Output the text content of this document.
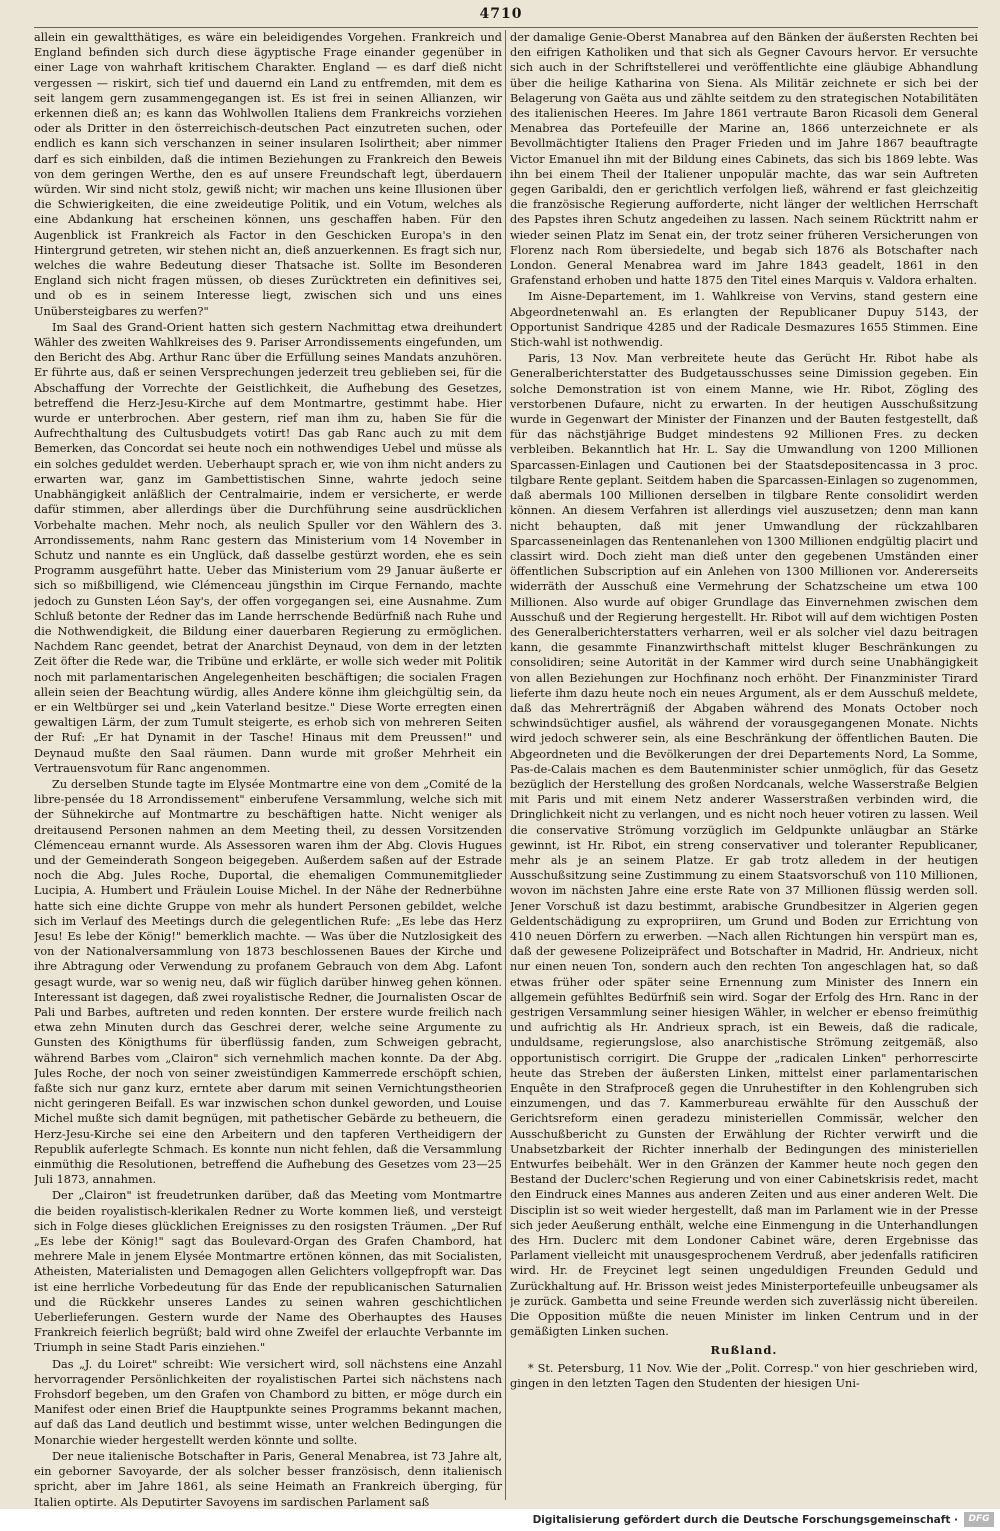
4710

allein ein gewaltthätiges, es wäre ein beleidigendes Vorgehen. Frankreich und England befinden sich durch diese ägyptische Frage einander gegenüber in einer Lage von wahrhaft kritischem Charakter. England — es darf dieß nicht vergessen — riskirt, sich tief und dauernd ein Land zu entfremden, mit dem es seit langem gern zusammengegangen ist. Es ist frei in seinen Allianzen, wir erkennen dieß an; es kann das Wohlwollen Italiens dem Frankreichs vorziehen oder als Dritter in den österreichisch-deutschen Pact einzutreten suchen, oder endlich es kann sich verschanzen in seiner insularen Isolirtheit; aber nimmer darf es sich einbilden, daß die intimen Beziehungen zu Frankreich den Beweis von dem geringen Werthe, den es auf unsere Freundschaft legt, überdauern würden. Wir sind nicht stolz, gewiß nicht; wir machen uns keine Illusionen über die Schwierigkeiten, die eine zweideutige Politik, und ein Votum, welches als eine Abdankung hat erscheinen können, uns geschaffen haben. Für den Augenblick ist Frankreich als Factor in den Geschicken Europa's in den Hintergrund getreten, wir stehen nicht an, dieß anzuerkennen. Es fragt sich nur, welches die wahre Bedeutung dieser Thatsache ist. Sollte im Besonderen England sich nicht fragen müssen, ob dieses Zurücktreten ein definitives sei, und ob es in seinem Interesse liegt, zwischen sich und uns eines Unübersteigbares zu werfen?"

Im Saal des Grand-Orient hatten sich gestern Nachmittag etwa dreihundert Wähler des zweiten Wahlkreises des 9. Pariser Arrondissements eingefunden, um den Bericht des Abg. Arthur Ranc über die Erfüllung seines Mandats anzuhören. Er führte aus, daß er seinen Versprechungen jederzeit treu geblieben sei, für die Abschaffung der Vorrechte der Geistlichkeit, die Aufhebung des Gesetzes, betreffend die Herz-Jesu-Kirche auf dem Montmartre, gestimmt habe. Hier wurde er unterbrochen. Aber gestern, rief man ihm zu, haben Sie für die Aufrechthaltung des Cultusbudgets votirt! Das gab Ranc auch zu mit dem Bemerken, das Concordat sei heute noch ein nothwendiges Uebel und müsse als ein solches geduldet werden. Ueberhaupt sprach er, wie von ihm nicht anders zu erwarten war, ganz im Gambettistischen Sinne, wahrte jedoch seine Unabhängigkeit anläßlich der Centralmairie, indem er versicherte, er werde dafür stimmen, aber allerdings über die Durchführung seine ausdrücklichen Vorbehalte machen. Mehr noch, als neulich Spuller vor den Wählern des 3. Arrondissements, nahm Ranc gestern das Ministerium vom 14 November in Schutz und nannte es ein Unglück, daß dasselbe gestürzt worden, ehe es sein Programm ausgeführt hatte. Ueber das Ministerium vom 29 Januar äußerte er sich so mißbilligend, wie Clémenceau jüngsthin im Cirque Fernando, machte jedoch zu Gunsten Léon Say's, der offen vorgegangen sei, eine Ausnahme. Zum Schluß betonte der Redner das im Lande herrschende Bedürfniß nach Ruhe und die Nothwendigkeit, die Bildung einer dauerbaren Regierung zu ermöglichen. Nachdem Ranc geendet, betrat der Anarchist Deynaud, von dem in der letzten Zeit öfter die Rede war, die Tribüne und erklärte, er wolle sich weder mit Politik noch mit parlamentarischen Angelegenheiten beschäftigen; die socialen Fragen allein seien der Beachtung würdig, alles Andere könne ihm gleichgültig sein, da er ein Weltbürger sei und „kein Vaterland besitze." Diese Worte erregten einen gewaltigen Lärm, der zum Tumult steigerte, es erhob sich von mehreren Seiten der Ruf: „Er hat Dynamit in der Tasche! Hinaus mit dem Preussen!" und Deynaud mußte den Saal räumen. Dann wurde mit großer Mehrheit ein Vertrauensvotum für Ranc angenommen.

Zu derselben Stunde tagte im Elysée Montmartre eine von dem „Comité de la libre-pensée du 18 Arrondissement" einberufene Versammlung, welche sich mit der Sühnekirche auf Montmartre zu beschäftigen hatte. Nicht weniger als dreitausend Personen nahmen an dem Meeting theil, zu dessen Vorsitzenden Clémenceau ernannt wurde. Als Assessoren waren ihm der Abg. Clovis Hugues und der Gemeinderath Songeon beigegeben. Außerdem saßen auf der Estrade noch die Abg. Jules Roche, Duportal, die ehemaligen Communemitglieder Lucipia, A. Humbert und Fräulein Louise Michel. In der Nähe der Rednerbühne hatte sich eine dichte Gruppe von mehr als hundert Personen gebildet, welche sich im Verlauf des Meetings durch die gelegentlichen Rufe: „Es lebe das Herz Jesu! Es lebe der König!" bemerklich machte. — Was über die Nutzlosigkeit des von der Nationalversammlung von 1873 beschlossenen Baues der Kirche und ihre Abtragung oder Verwendung zu profanem Gebrauch von dem Abg. Lafont gesagt wurde, war so wenig neu, daß wir füglich darüber hinweg gehen können. Interessant ist dagegen, daß zwei royalistische Redner, die Journalisten Oscar de Pali und Barbes, auftreten und reden konnten. Der erstere wurde freilich nach etwa zehn Minuten durch das Geschrei derer, welche seine Argumente zu Gunsten des Königthums für überflüssig fanden, zum Schweigen gebracht, während Barbes vom „Clairon" sich vernehmlich machen konnte. Da der Abg. Jules Roche, der noch von seiner zweistündigen Kammerrede erschöpft schien, faßte sich nur ganz kurz, erntete aber darum mit seinen Vernichtungstheorien nicht geringeren Beifall. Es war inzwischen schon dunkel geworden, und Louise Michel mußte sich damit begnügen, mit pathetischer Gebärde zu betheuern, die Herz-Jesu-Kirche sei eine den Arbeitern und den tapferen Vertheidigern der Republik auferlegte Schmach. Es konnte nun nicht fehlen, daß die Versammlung einmüthig die Resolutionen, betreffend die Aufhebung des Gesetzes vom 23—25 Juli 1873, annahmen.

Der „Clairon" ist freudetrunken darüber, daß das Meeting vom Montmartre die beiden royalistisch-klerikalen Redner zu Worte kommen ließ, und versteigt sich in Folge dieses glücklichen Ereignisses zu den rosigsten Träumen. „Der Ruf „Es lebe der König!" sagt das Boulevard-Organ des Grafen Chambord, hat mehrere Male in jenem Elysée Montmartre ertönen können, das mit Socialisten, Atheisten, Materialisten und Demagogen allen Gelichters vollgepfropft war. Das ist eine herrliche Vorbedeutung für das Ende der republicanischen Saturnalien und die Rückkehr unseres Landes zu seinen wahren geschichtlichen Ueberlieferungen. Gestern wurde der Name des Oberhauptes des Hauses Frankreich feierlich begrüßt; bald wird ohne Zweifel der erlauchte Verbannte im Triumph in seine Stadt Paris einziehen."

Das „J. du Loiret" schreibt: Wie versichert wird, soll nächstens eine Anzahl hervorragender Persönlichkeiten der royalistischen Partei sich nächstens nach Frohsdorf begeben, um den Grafen von Chambord zu bitten, er möge durch ein Manifest oder einen Brief die Hauptpunkte seines Programms bekannt machen, auf daß das Land deutlich und bestimmt wisse, unter welchen Bedingungen die Monarchie wieder hergestellt werden könnte und sollte.

Der neue italienische Botschafter in Paris, General Menabrea, ist 73 Jahre alt, ein geborner Savoyarde, der als solcher besser französisch, denn italienisch spricht, aber im Jahre 1861, als seine Heimath an Frankreich überging, für Italien optirte. Als Deputirter Savoyens im sardischen Parlament saß

der damalige Genie-Oberst Manabrea auf den Bänken der äußersten Rechten bei den eifrigen Katholiken und that sich als Gegner Cavours hervor. Er versuchte sich auch in der Schriftstellerei und veröffentlichte eine gläubige Abhandlung über die heilige Katharina von Siena. Als Militär zeichnete er sich bei der Belagerung von Gaëta aus und zählte seitdem zu den strategischen Notabilitäten des italienischen Heeres. Im Jahre 1861 vertraute Baron Ricasoli dem General Menabrea das Portefeuille der Marine an, 1866 unterzeichnete er als Bevollmächtigter Italiens den Prager Frieden und im Jahre 1867 beauftragte Victor Emanuel ihn mit der Bildung eines Cabinets, das sich bis 1869 lebte. Was ihn bei einem Theil der Italiener unpopulär machte, das war sein Auftreten gegen Garibaldi, den er gerichtlich verfolgen ließ, während er fast gleichzeitig die französische Regierung aufforderte, nicht länger der weltlichen Herrschaft des Papstes ihren Schutz angedeihen zu lassen. Nach seinem Rücktritt nahm er wieder seinen Platz im Senat ein, der trotz seiner früheren Versicherungen von Florenz nach Rom übersiedelte, und begab sich 1876 als Botschafter nach London. General Menabrea ward im Jahre 1843 geadelt, 1861 in den Grafenstand erhoben und hatte 1875 den Titel eines Marquis v. Valdora erhalten.

Im Aisne-Departement, im 1. Wahlkreise von Vervins, stand gestern eine Abgeordnetenwahl an. Es erlangten der Republicaner Dupuy 5143, der Opportunist Sandrique 4285 und der Radicale Desmazures 1655 Stimmen. Eine Stich-wahl ist nothwendig.

Paris, 13 Nov. Man verbreitete heute das Gerücht Hr. Ribot habe als Generalberichterstatter des Budgetausschusses seine Dimission gegeben. Ein solche Demonstration ist von einem Manne, wie Hr. Ribot, Zögling des verstorbenen Dufaure, nicht zu erwarten. In der heutigen Ausschußsitzung wurde in Gegenwart der Minister der Finanzen und der Bauten festgestellt, daß für das nächstjährige Budget mindestens 92 Millionen Fres. zu decken verbleiben. Bekanntlich hat Hr. L. Say die Umwandlung von 1200 Millionen Sparcassen-Einlagen und Cautionen bei der Staatsdepositencassa in 3 proc. tilgbare Rente geplant. Seitdem haben die Sparcassen-Einlagen so zugenommen, daß abermals 100 Millionen derselben in tilgbare Rente consolidirt werden können. An diesem Verfahren ist allerdings viel auszusetzen; denn man kann nicht behaupten, daß mit jener Umwandlung der rückzahlbaren Sparcasseneinlagen das Rentenanlehen von 1300 Millionen endgültig placirt und classirt wird. Doch zieht man dieß unter den gegebenen Umständen einer öffentlichen Subscription auf ein Anlehen von 1300 Millionen vor. Andererseits widerräth der Ausschuß eine Vermehrung der Schatzscheine um etwa 100 Millionen. Also wurde auf obiger Grundlage das Einvernehmen zwischen dem Ausschuß und der Regierung hergestellt. Hr. Ribot will auf dem wichtigen Posten des Generalberichterstatters verharren, weil er als solcher viel dazu beitragen kann, die gesammte Finanzwirthschaft mittelst kluger Beschränkungen zu consolidiren; seine Autorität in der Kammer wird durch seine Unabhängigkeit von allen Beziehungen zur Hochfinanz noch erhöht. Der Finanzminister Tirard lieferte ihm dazu heute noch ein neues Argument, als er dem Ausschuß meldete, daß das Mehrerträgniß der Abgaben während des Monats October noch schwindsüchtiger ausfiel, als während der vorausgegangenen Monate. Nichts wird jedoch schwerer sein, als eine Beschränkung der öffentlichen Bauten. Die Abgeordneten und die Bevölkerungen der drei Departements Nord, La Somme, Pas-de-Calais machen es dem Bautenminister schier unmöglich, für das Gesetz bezüglich der Herstellung des großen Nordcanals, welche Wasserstraße Belgien mit Paris und mit einem Netz anderer Wasserstraßen verbinden wird, die Dringlichkeit nicht zu verlangen, und es nicht noch heuer votiren zu lassen. Weil die conservative Strömung vorzüglich im Geldpunkte unläugbar an Stärke gewinnt, ist Hr. Ribot, ein streng conservativer und toleranter Republicaner, mehr als je an seinem Platze. Er gab trotz alledem in der heutigen Ausschußsitzung seine Zustimmung zu einem Staatsvorschuß von 110 Millionen, wovon im nächsten Jahre eine erste Rate von 37 Millionen flüssig werden soll. Jener Vorschuß ist dazu bestimmt, arabische Grundbesitzer in Algerien gegen Geldentschädigung zu expropriiren, um Grund und Boden zur Errichtung von 410 neuen Dörfern zu erwerben. —Nach allen Richtungen hin verspürt man es, daß der gewesene Polizeipräfect und Botschafter in Madrid, Hr. Andrieux, nicht nur einen neuen Ton, sondern auch den rechten Ton angeschlagen hat, so daß etwas früher oder später seine Ernennung zum Minister des Innern ein allgemein gefühltes Bedürfniß sein wird. Sogar der Erfolg des Hrn. Ranc in der gestrigen Versammlung seiner hiesigen Wähler, in welcher er ebenso freimüthig und aufrichtig als Hr. Andrieux sprach, ist ein Beweis, daß die radicale, unduldsame, regierungslose, also anarchistische Strömung zeitgemäß, also opportunistisch corrigirt. Die Gruppe der „radicalen Linken" perhorrescirte heute das Streben der äußersten Linken, mittelst einer parlamentarischen Enquête in den Strafproceß gegen die Unruhestifter in den Kohlengruben sich einzumengen, und das 7. Kammerbureau erwählte für den Ausschuß der Gerichtsreform einen geradezu ministeriellen Commissär, welcher den Ausschußbericht zu Gunsten der Erwählung der Richter verwirft und die Unabsetzbarkeit der Richter innerhalb der Bedingungen des ministeriellen Entwurfes beibehält. Wer in den Gränzen der Kammer heute noch gegen den Bestand der Duclerc'schen Regierung und von einer Cabinetskrisis redet, macht den Eindruck eines Mannes aus anderen Zeiten und aus einer anderen Welt. Die Disciplin ist so weit wieder hergestellt, daß man im Parlament wie in der Presse sich jeder Aeußerung enthält, welche eine Einmengung in die Unterhandlungen des Hrn. Duclerc mit dem Londoner Cabinet wäre, deren Ergebnisse das Parlament vielleicht mit unausgesprochenem Verdruß, aber jedenfalls ratificiren wird. Hr. de Freycinet legt seinen ungeduldigen Freunden Geduld und Zurückhaltung auf. Hr. Brisson weist jedes Ministerportefeuille unbeugsamer als je zurück. Gambetta und seine Freunde werden sich zuverlässig nicht übereilen. Die Opposition müßte die neuen Minister im linken Centrum und in der gemäßigten Linken suchen.

Rußland.

* St. Petersburg, 11 Nov. Wie der „Polit. Corresp." von hier geschrieben wird, gingen in den letzten Tagen den Studenten der hiesigen Uni-

Digitalisierung gefördert durch die Deutsche Forschungsgemeinschaft ·	DFG
